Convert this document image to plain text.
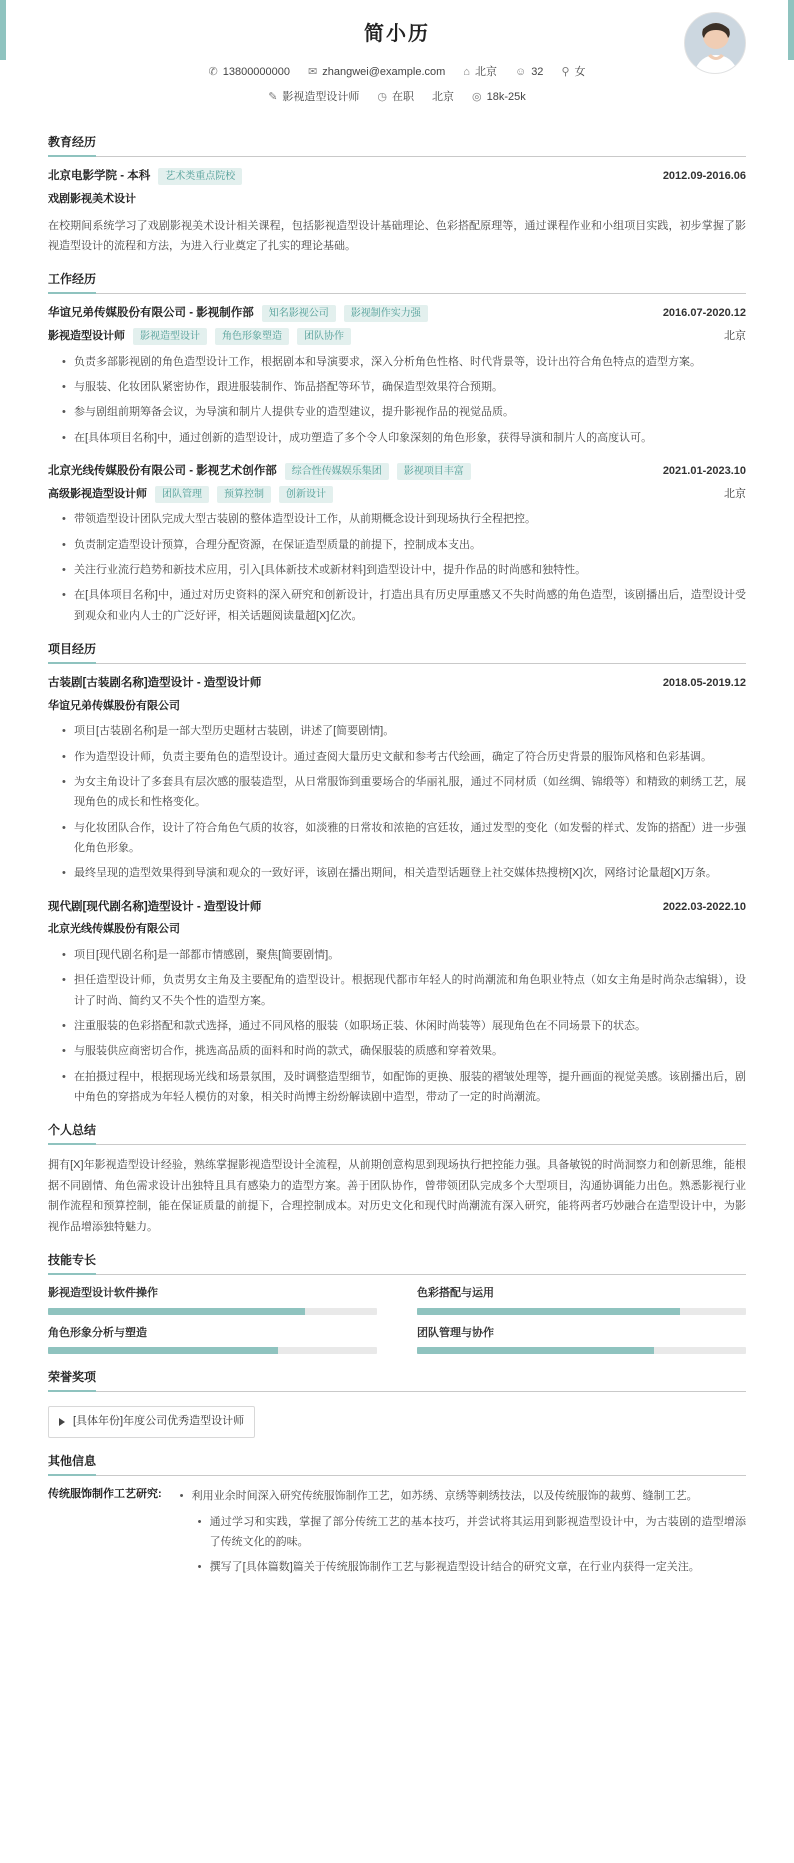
简小历
✆ 13800000000 ✉ zhangwei@example.com ⌂ 北京 ☺ 32 ⚲ 女
✎ 影视造型设计师 ◷ 在职 北京 ◎ 18k-25k
教育经历
北京电影学院 - 本科	艺术类重点院校	2012.09-2016.06
戏剧影视美术设计
在校期间系统学习了戏剧影视美术设计相关课程，包括影视造型设计基础理论、色彩搭配原理等，通过课程作业和小组项目实践，初步掌握了影视造型设计的流程和方法，为进入行业奠定了扎实的理论基础。
工作经历
华谊兄弟传媒股份有限公司 - 影视制作部	知名影视公司	影视制作实力强	2016.07-2020.12
影视造型设计师	影视造型设计	角色形象塑造	团队协作	北京
• 负责多部影视剧的角色造型设计工作，根据剧本和导演要求，深入分析角色性格、时代背景等，设计出符合角色特点的造型方案。
• 与服装、化妆团队紧密协作，跟进服装制作、饰品搭配等环节，确保造型效果符合预期。
• 参与剧组前期筹备会议，为导演和制片人提供专业的造型建议，提升影视作品的视觉品质。
• 在[具体项目名称]中，通过创新的造型设计，成功塑造了多个令人印象深刻的角色形象，获得导演和制片人的高度认可。
北京光线传媒股份有限公司 - 影视艺术创作部	综合性传媒娱乐集团	影视项目丰富	2021.01-2023.10
高级影视造型设计师	团队管理	预算控制	创新设计	北京
• 带领造型设计团队完成大型古装剧的整体造型设计工作，从前期概念设计到现场执行全程把控。
• 负责制定造型设计预算，合理分配资源，在保证造型质量的前提下，控制成本支出。
• 关注行业流行趋势和新技术应用，引入[具体新技术或新材料]到造型设计中，提升作品的时尚感和独特性。
• 在[具体项目名称]中，通过对历史资料的深入研究和创新设计，打造出具有历史厚重感又不失时尚感的角色造型，该剧播出后，造型设计受到观众和业内人士的广泛好评，相关话题阅读量超[X]亿次。
项目经历
古装剧[古装剧名称]造型设计 - 造型设计师	2018.05-2019.12
华谊兄弟传媒股份有限公司
• 项目[古装剧名称]是一部大型历史题材古装剧，讲述了[简要剧情]。
• 作为造型设计师，负责主要角色的造型设计。通过查阅大量历史文献和参考古代绘画，确定了符合历史背景的服饰风格和色彩基调。
• 为女主角设计了多套具有层次感的服装造型，从日常服饰到重要场合的华丽礼服，通过不同材质（如丝绸、锦缎等）和精致的刺绣工艺，展现角色的成长和性格变化。
• 与化妆团队合作，设计了符合角色气质的妆容，如淡雅的日常妆和浓艳的宫廷妆，通过发型的变化（如发髻的样式、发饰的搭配）进一步强化角色形象。
• 最终呈现的造型效果得到导演和观众的一致好评，该剧在播出期间，相关造型话题登上社交媒体热搜榜[X]次，网络讨论量超[X]万条。
现代剧[现代剧名称]造型设计 - 造型设计师	2022.03-2022.10
北京光线传媒股份有限公司
• 项目[现代剧名称]是一部都市情感剧，聚焦[简要剧情]。
• 担任造型设计师，负责男女主角及主要配角的造型设计。根据现代都市年轻人的时尚潮流和角色职业特点（如女主角是时尚杂志编辑），设计了时尚、简约又不失个性的造型方案。
• 注重服装的色彩搭配和款式选择，通过不同风格的服装（如职场正装、休闲时尚装等）展现角色在不同场景下的状态。
• 与服装供应商密切合作，挑选高品质的面料和时尚的款式，确保服装的质感和穿着效果。
• 在拍摄过程中，根据现场光线和场景氛围，及时调整造型细节，如配饰的更换、服装的褶皱处理等，提升画面的视觉美感。该剧播出后，剧中角色的穿搭成为年轻人模仿的对象，相关时尚博主纷纷解读剧中造型，带动了一定的时尚潮流。
个人总结
拥有[X]年影视造型设计经验，熟练掌握影视造型设计全流程，从前期创意构思到现场执行把控能力强。具备敏锐的时尚洞察力和创新思维，能根据不同剧情、角色需求设计出独特且具有感染力的造型方案。善于团队协作，曾带领团队完成多个大型项目，沟通协调能力出色。熟悉影视行业制作流程和预算控制，能在保证质量的前提下，合理控制成本。对历史文化和现代时尚潮流有深入研究，能将两者巧妙融合在造型设计中，为影视作品增添独特魅力。
技能专长
影视造型设计软件操作	色彩搭配与运用
角色形象分析与塑造	团队管理与协作
荣誉奖项
[具体年份]年度公司优秀造型设计师
其他信息
传统服饰制作工艺研究:	• 利用业余时间深入研究传统服饰制作工艺，如苏绣、京绣等刺绣技法，以及传统服饰的裁剪、缝制工艺。
• 通过学习和实践，掌握了部分传统工艺的基本技巧，并尝试将其运用到影视造型设计中，为古装剧的造型增添了传统文化的韵味。
• 撰写了[具体篇数]篇关于传统服饰制作工艺与影视造型设计结合的研究文章，在行业内获得一定关注。
